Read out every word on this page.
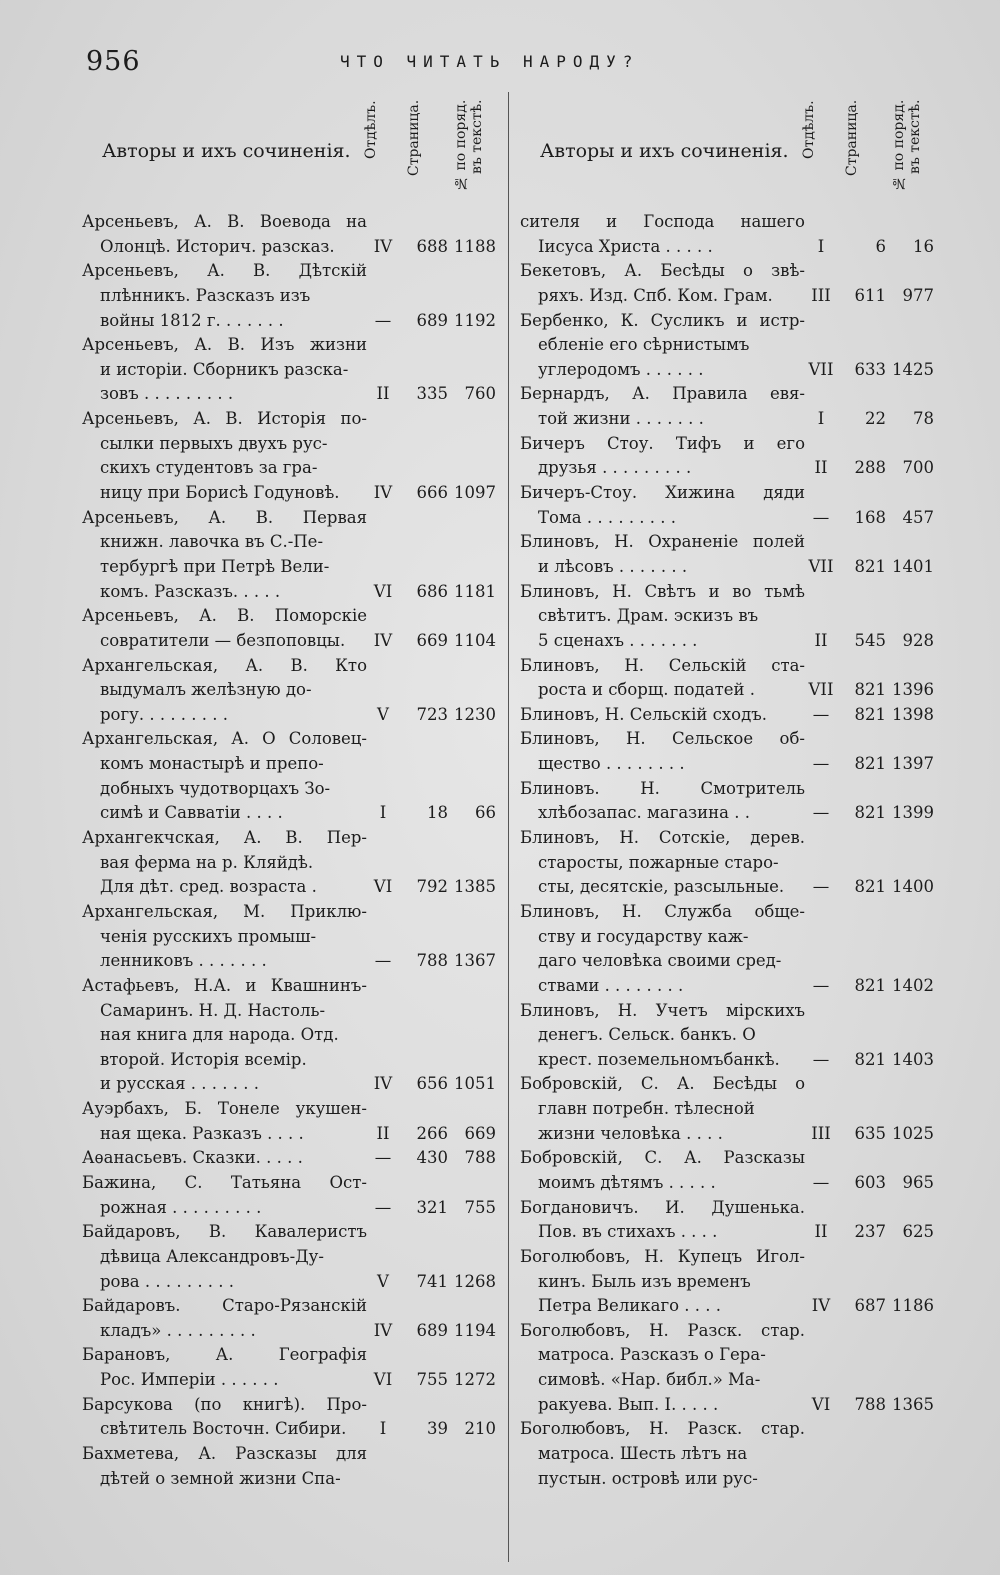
956	ЧТО ЧИТАТЬ НАРОДУ?
Авторы и ихъ сочиненія. Отдѣлъ. Страница. № по поряд. въ текстѣ.
Арсеньевъ, А. В. Воевода на
Олонцѣ. Историч. разсказ.	IV	688 1188
Арсеньевъ, А. В. Дѣтскій
плѣнникъ. Разсказъ изъ
войны 1812 г. . . . . . .	—	689 1192
Арсеньевъ, А. В. Изъ жизни
и исторіи. Сборникъ разска-
зовъ . . . . . . . . .	II	335	760
Арсеньевъ, А. В. Исторія по-
сылки первыхъ двухъ рус-
скихъ студентовъ за гра-
ницу при Борисѣ Годуновѣ.	IV	666 1097
Арсеньевъ, А. В. Первая
книжн. лавочка въ С.-Пе-
тербургѣ при Петрѣ Вели-
комъ. Разсказъ. . . . .	VI	686 1181
Арсеньевъ, А. В. Поморскіе
совратители — безпоповцы.	IV	669 1104
Архангельская, А. В. Кто
выдумалъ желѣзную до-
рогу. . . . . . . . .	V	723 1230
Архангельская, А. О Соловец-
комъ монастырѣ и препо-
добныхъ чудотворцахъ Зо-
симѣ и Савватіи . . . .	I	18	66
Архангекчская, А. В. Пер-
вая ферма на р. Кляйдѣ.
Для дѣт. сред. возраста .	VI	792 1385
Архангельская, М. Приклю-
ченія русскихъ промыш-
ленниковъ . . . . . . .	—	788 1367
Астафьевъ, Н.А. и Квашнинъ-
Самаринъ. Н. Д. Настоль-
ная книга для народа. Отд.
второй. Исторія всемір.
и русская . . . . . . .	IV	656 1051
Ауэрбахъ, Б. Тонеле укушен-
ная щека. Разказъ . . . .	II	266	669
Аѳанасьевъ. Сказки. . . . .	—	430	788
Бажина, С. Татьяна Ост-
рожная . . . . . . . . .	—	321	755
Байдаровъ, В. Кавалеристъ
дѣвица Александровъ-Ду-
рова . . . . . . . . .	V	741 1268
Байдаровъ. Старо-Рязанскій
кладъ» . . . . . . . . .	IV	689 1194
Барановъ, А. Географія
Рос. Имперіи . . . . . .	VI	755 1272
Барсукова (по книгѣ). Про-
свѣтитель Восточн. Сибири.	I	39	210
Бахметева, А. Разсказы для
дѣтей о земной жизни Спа-
Авторы и ихъ сочиненія. Отдѣлъ. Страница. № по поряд. въ текстѣ.
сителя и Господа нашего
Іисуса Христа . . . . .	I	6	16
Бекетовъ, А. Бесѣды о звѣ-
ряхъ. Изд. Спб. Ком. Грам.	III	611	977
Бербенко, К. Сусликъ и истр-
ебленіе его сѣрнистымъ
углеродомъ . . . . . .	VII	633 1425
Бернардъ, А. Правила евя-
той жизни . . . . . . .	I	22	78
Бичеръ Стоу. Тифъ и его
друзья . . . . . . . . .	II	288	700
Бичеръ-Стоу. Хижина дяди
Тома . . . . . . . . .	—	168	457
Блиновъ, Н. Охраненіе полей
и лѣсовъ . . . . . . .	VII	821 1401
Блиновъ, Н. Свѣтъ и во тьмѣ
свѣтитъ. Драм. эскизъ въ
5 сценахъ . . . . . . .	II	545	928
Блиновъ, Н. Сельскій ста-
роста и сборщ. податей .	VII	821 1396
Блиновъ, Н. Сельскій сходъ.	—	821 1398
Блиновъ, Н. Сельское об-
щество . . . . . . . .	—	821 1397
Блиновъ. Н. Смотритель
хлѣбозапас. магазина . .	—	821 1399
Блиновъ, Н. Сотскіе, дерев.
старосты, пожарные старо-
сты, десятскіе, разсыльные.	—	821 1400
Блиновъ, Н. Служба обще-
ству и государству каж-
даго человѣка своими сред-
ствами . . . . . . . .	—	821 1402
Блиновъ, Н. Учетъ мірскихъ
денегъ. Сельск. банкъ. О
крест. поземельномъбанкѣ.	—	821 1403
Бобровскій, С. А. Бесѣды о
главн потребн. тѣлесной
жизни человѣка . . . .	III	635 1025
Бобровскій, С. А. Разсказы
моимъ дѣтямъ . . . . .	—	603	965
Богдановичъ. И. Душенька.
Пов. въ стихахъ . . . .	II	237	625
Боголюбовъ, Н. Купецъ Игол-
кинъ. Быль изъ временъ
Петра Великаго . . . .	IV	687 1186
Боголюбовъ, Н. Разск. стар.
матроса. Разсказъ о Гера-
симовѣ. «Нар. библ.» Ма-
ракуева. Вып. I. . . . .	VI	788 1365
Боголюбовъ, Н. Разск. стар.
матроса. Шесть лѣтъ на
пустын. островѣ или рус-
